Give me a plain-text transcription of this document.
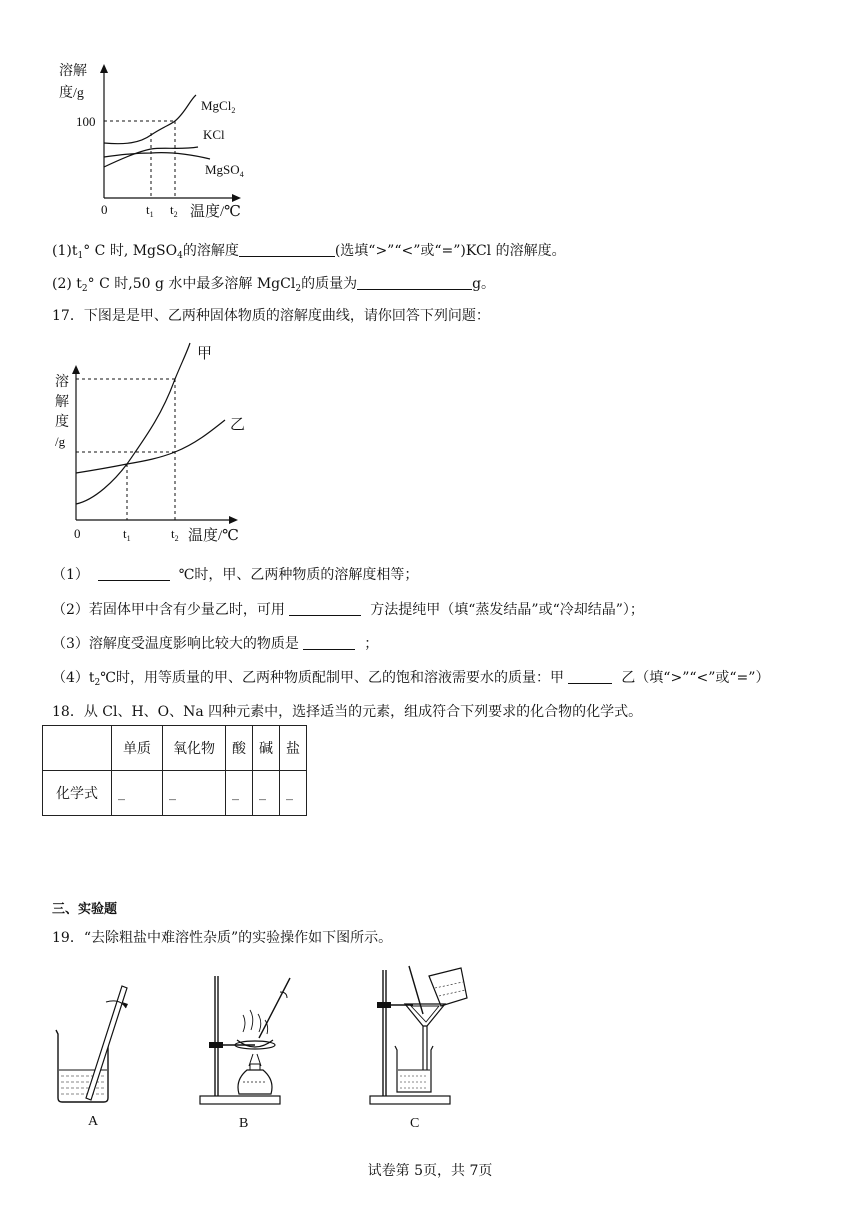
溶解
度/g
100
0	$t_1$ $t_2$ 温度/℃
MgCl$_2$
KCl
MgSO$_4$
$(1)t_1^\circ$ C 时, MgSO$_4$的溶解度	(选填“>”“<”或“=”)KCl 的溶解度。
(2) $t_2^\circ$ C 时,50 g 水中最多溶解 MgCl$_2$的质量为	g。
17．下图是是甲、乙两种固体物质的溶解度曲线，请你回答下列问题：
溶
解
度
/g
甲
乙
0	$t_1$	$t_2$ 温度/℃
（1）	℃时，甲、乙两种物质的溶解度相等；
（2）若固体甲中含有少量乙时，可用	方法提纯甲（填“蒸发结晶”或“冷却结晶”）；
（3）溶解度受温度影响比较大的物质是	；
$(4)t_2℃$时，用等质量的甲、乙两种物质配制甲、乙的饱和溶液需要水的质量：甲	乙（填“>”“<”或“=”）
18．从 Cl、H、O、Na 四种元素中，选择适当的元素，组成符合下列要求的化合物的化学式。
	单质	氧化物	酸	碱	盐
化学式	_	_	_	_	_
三、实验题
19．“去除粗盐中难溶性杂质”的实验操作如下图所示。
A	B	C
试卷第 5页，共 7页
